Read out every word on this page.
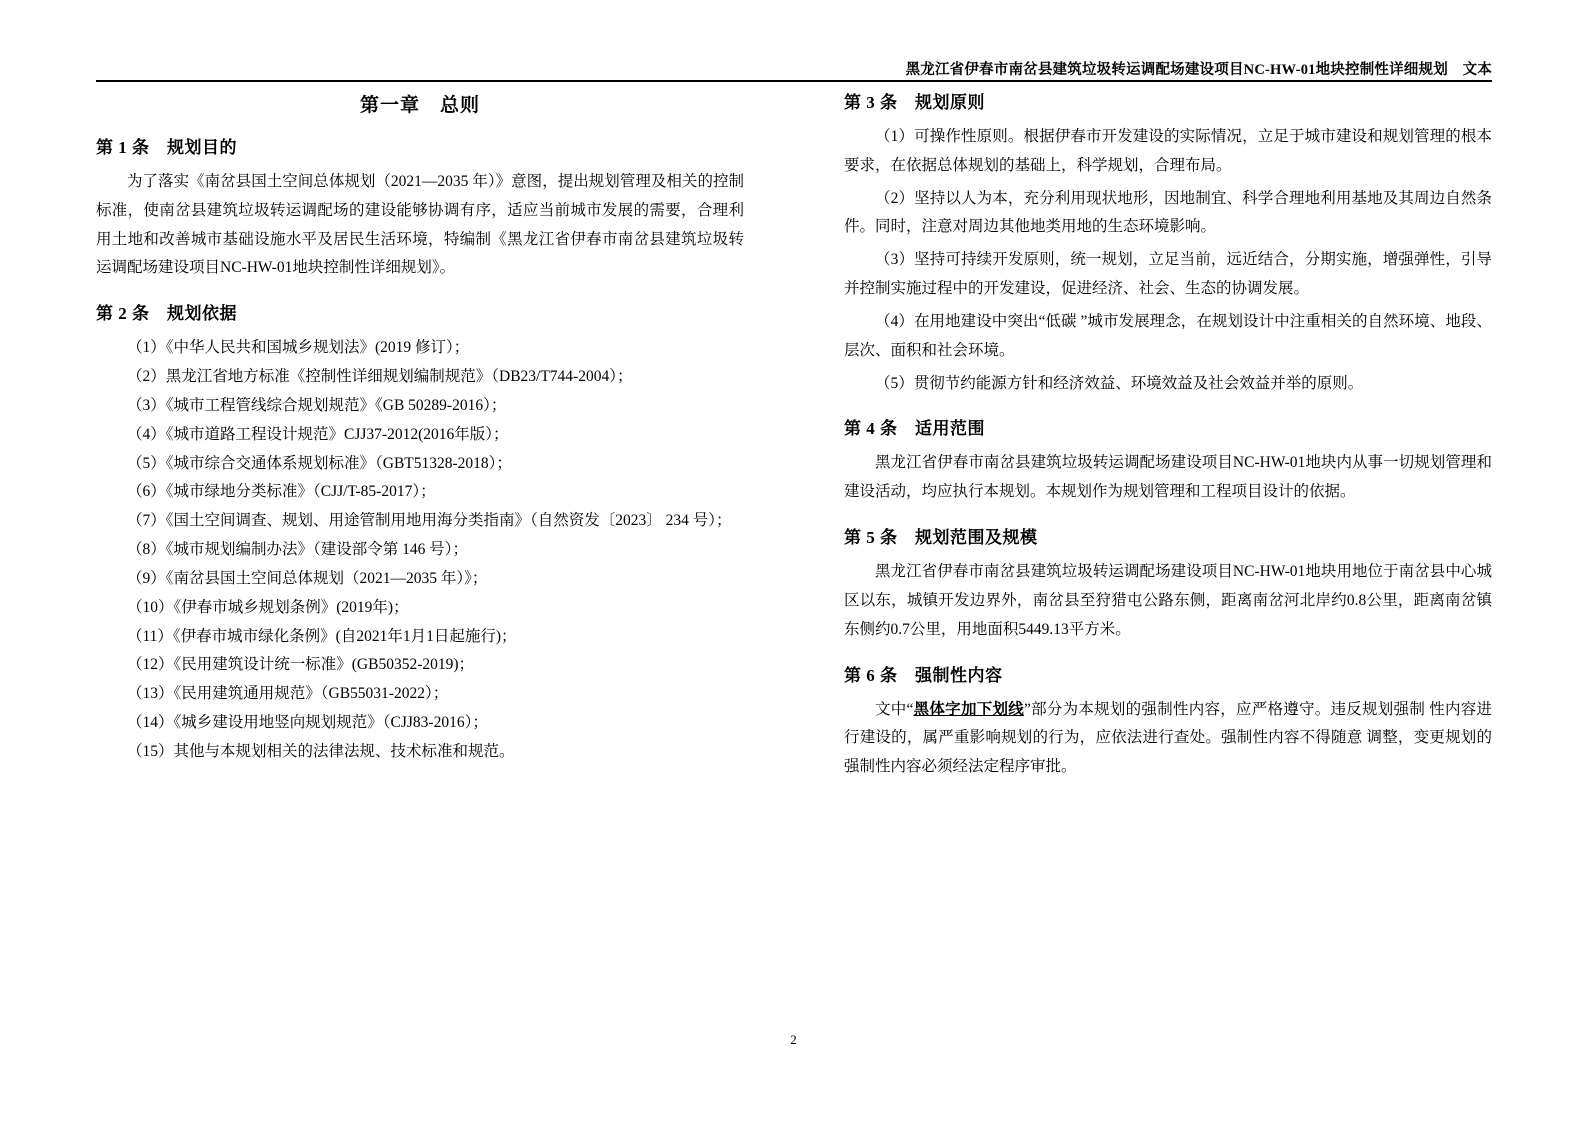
黑龙江省伊春市南岔县建筑垃圾转运调配场建设项目NC-HW-01地块控制性详细规划　文本
第一章　总则
第 1 条　规划目的

为了落实《南岔县国土空间总体规划（2021—2035 年）》意图，提出规划管理及相关的控制标准，使南岔县建筑垃圾转运调配场的建设能够协调有序，适应当前城市发展的需要，合理利用土地和改善城市基础设施水平及居民生活环境，特编制《黑龙江省伊春市南岔县建筑垃圾转运调配场建设项目NC-HW-01地块控制性详细规划》。

第 2 条　规划依据

（1）《中华人民共和国城乡规划法》(2019 修订）；

（2）黑龙江省地方标准《控制性详细规划编制规范》（DB23/T744-2004）；

（3）《城市工程管线综合规划规范》《GB 50289-2016）；

（4）《城市道路工程设计规范》CJJ37-2012(2016年版）；

（5）《城市综合交通体系规划标准》（GBT51328-2018）；

（6）《城市绿地分类标准》（CJJ/T-85-2017）；

（7）《国土空间调查、规划、用途管制用地用海分类指南》（自然资发〔2023〕 234 号）；

（8）《城市规划编制办法》（建设部令第 146 号）；

（9）《南岔县国土空间总体规划（2021—2035 年）》；

（10）《伊春市城乡规划条例》(2019年)；

（11）《伊春市城市绿化条例》(自2021年1月1日起施行)；

（12）《民用建筑设计统一标准》(GB50352-2019)；

（13）《民用建筑通用规范》（GB55031-2022）；

（14）《城乡建设用地竖向规划规范》（CJJ83-2016）；

（15）其他与本规划相关的法律法规、技术标准和规范。

第 3 条　规划原则

（1）可操作性原则。根据伊春市开发建设的实际情况，立足于城市建设和规划管理的根本要求，在依据总体规划的基础上，科学规划，合理布局。

（2）坚持以人为本，充分利用现状地形，因地制宜、科学合理地利用基地及其周边自然条件。同时，注意对周边其他地类用地的生态环境影响。

（3）坚持可持续开发原则，统一规划，立足当前，远近结合，分期实施，增强弹性，引导并控制实施过程中的开发建设，促进经济、社会、生态的协调发展。

（4）在用地建设中突出“低碳 ”城市发展理念，在规划设计中注重相关的自然环境、地段、层次、面积和社会环境。

（5）贯彻节约能源方针和经济效益、环境效益及社会效益并举的原则。

第 4 条　适用范围

黑龙江省伊春市南岔县建筑垃圾转运调配场建设项目NC-HW-01地块内从事一切规划管理和建设活动，均应执行本规划。本规划作为规划管理和工程项目设计的依据。

第 5 条　规划范围及规模

黑龙江省伊春市南岔县建筑垃圾转运调配场建设项目NC-HW-01地块用地位于南岔县中心城区以东，城镇开发边界外，南岔县至狩猎屯公路东侧，距离南岔河北岸约0.8公里，距离南岔镇东侧约0.7公里，用地面积5449.13平方米。

第 6 条　强制性内容

文中“黑体字加下划线”部分为本规划的强制性内容，应严格遵守。违反规划强制 性内容进行建设的，属严重影响规划的行为，应依法进行查处。强制性内容不得随意 调整，变更规划的强制性内容必须经法定程序审批。

2
